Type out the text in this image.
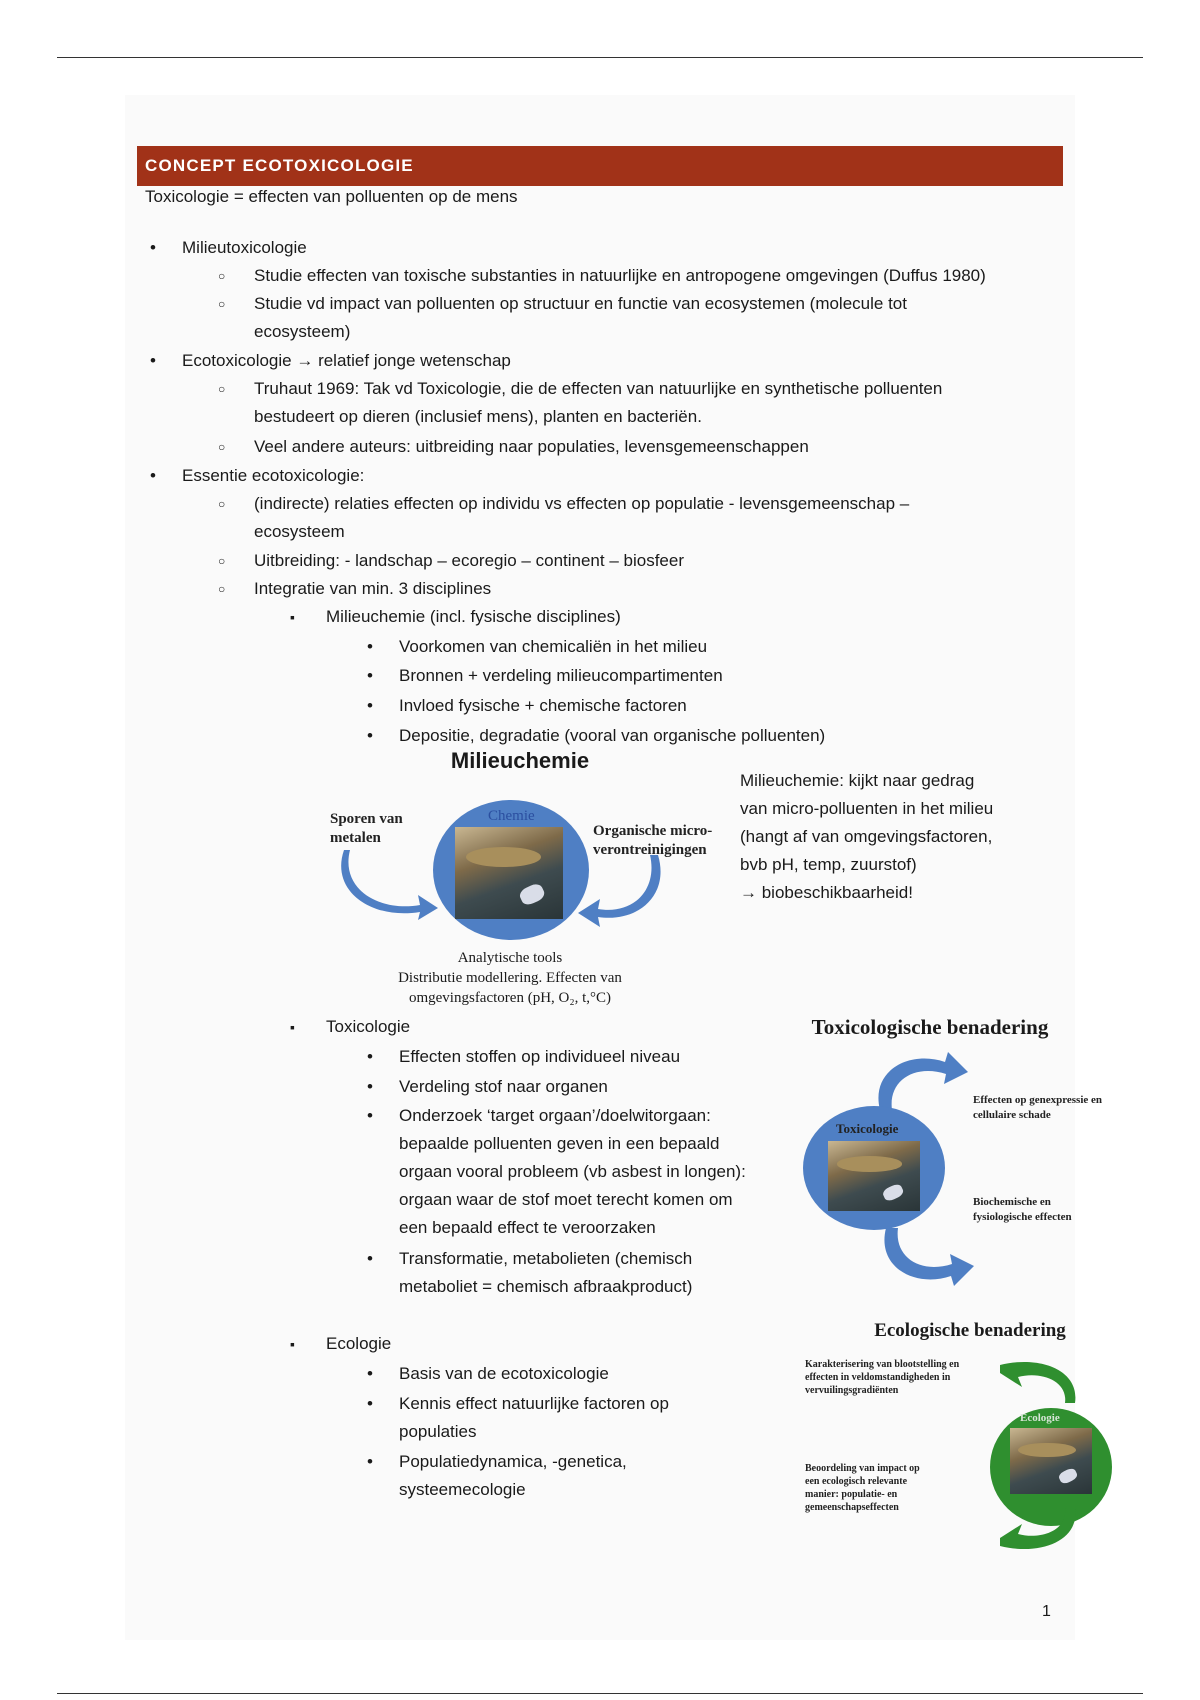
CONCEPT ECOTOXICOLOGIE
Toxicologie = effecten van polluenten op de mens
• Milieutoxicologie
○ Studie effecten van toxische substanties in natuurlijke en antropogene omgevingen (Duffus 1980)
○ Studie vd impact van polluenten op structuur en functie van ecosystemen (molecule tot
ecosysteem)
• Ecotoxicologie → relatief jonge wetenschap
○ Truhaut 1969: Tak vd Toxicologie, die de effecten van natuurlijke en synthetische polluenten
bestudeert op dieren (inclusief mens), planten en bacteriën.
○ Veel andere auteurs: uitbreiding naar populaties, levensgemeenschappen
• Essentie ecotoxicologie:
○ (indirecte) relaties effecten op individu vs effecten op populatie - levensgemeenschap –
ecosysteem
○ Uitbreiding: - landschap – ecoregio – continent – biosfeer
○ Integratie van min. 3 disciplines
▪ Milieuchemie (incl. fysische disciplines)
• Voorkomen van chemicaliën in het milieu
• Bronnen + verdeling milieucompartimenten
• Invloed fysische + chemische factoren
• Depositie, degradatie (vooral van organische polluenten)
Milieuchemie
Sporen van
metalen	Organische micro-
verontreinigingen
Chemie
Analytische tools
Distributie modellering. Effecten van
omgevingsfactoren (pH, O₂, t,°C)
Milieuchemie: kijkt naar gedrag
van micro-polluenten in het milieu
(hangt af van omgevingsfactoren,
bvb pH, temp, zuurstof)
→ biobeschikbaarheid!
▪ Toxicologie
• Effecten stoffen op individueel niveau
• Verdeling stof naar organen
• Onderzoek ‘target orgaan’/doelwitorgaan:
bepaalde polluenten geven in een bepaald
orgaan vooral probleem (vb asbest in longen):
orgaan waar de stof moet terecht komen om
een bepaald effect te veroorzaken
• Transformatie, metabolieten (chemisch
metaboliet = chemisch afbraakproduct)
Toxicologische benadering
Toxicologie
Effecten op genexpressie en
cellulaire schade
Biochemische en
fysiologische effecten
▪ Ecologie
• Basis van de ecotoxicologie
• Kennis effect natuurlijke factoren op
populaties
• Populatiedynamica, -genetica,
systeemecologie
Ecologische benadering
Karakterisering van blootstelling en
effecten in veldomstandigheden in
vervuilingsgradiënten
Ecologie
Beoordeling van impact op
een ecologisch relevante
manier: populatie- en
gemeenschapseffecten
1
